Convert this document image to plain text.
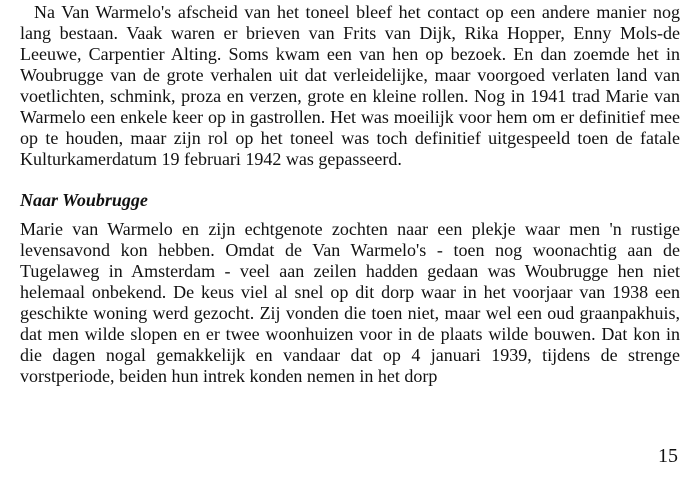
Na Van Warmelo's afscheid van het toneel bleef het contact op een andere manier nog lang bestaan. Vaak waren er brieven van Frits van Dijk, Rika Hopper, Enny Mols-de Leeuwe, Carpentier Alting. Soms kwam een van hen op bezoek. En dan zoemde het in Woubrugge van de grote verhalen uit dat verleidelijke, maar voorgoed verlaten land van voetlichten, schmink, proza en verzen, grote en kleine rollen. Nog in 1941 trad Marie van Warmelo een enkele keer op in gastrollen. Het was moeilijk voor hem om er definitief mee op te houden, maar zijn rol op het toneel was toch definitief uitgespeeld toen de fatale Kulturkamerdatum 19 februari 1942 was gepasseerd.

Naar Woubrugge

Marie van Warmelo en zijn echtgenote zochten naar een plekje waar men 'n rustige levensavond kon hebben. Omdat de Van Warmelo's - toen nog woonachtig aan de Tugelaweg in Amsterdam - veel aan zeilen hadden gedaan was Woubrugge hen niet helemaal onbekend. De keus viel al snel op dit dorp waar in het voorjaar van 1938 een geschikte woning werd gezocht. Zij vonden die toen niet, maar wel een oud graanpakhuis, dat men wilde slopen en er twee woonhuizen voor in de plaats wilde bouwen. Dat kon in die dagen nogal gemakkelijk en vandaar dat op 4 januari 1939, tijdens de strenge vorstperiode, beiden hun intrek konden nemen in het dorp

15
